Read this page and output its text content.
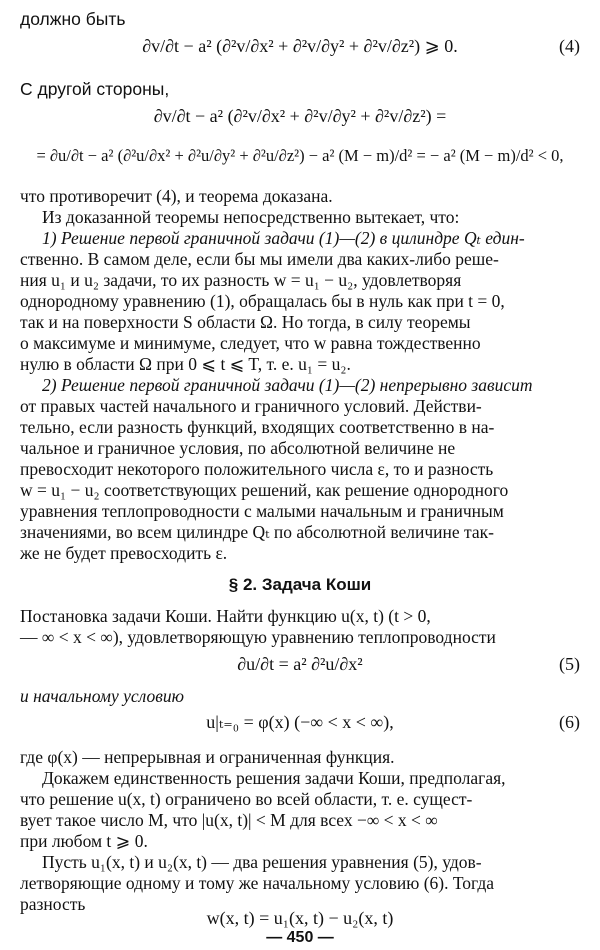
должно быть
∂v/∂t − a² (∂²v/∂x² + ∂²v/∂y² + ∂²v/∂z²) ⩾ 0.	(4)
С другой стороны,
∂v/∂t − a² (∂²v/∂x² + ∂²v/∂y² + ∂²v/∂z²) =
= ∂u/∂t − a² (∂²u/∂x² + ∂²u/∂y² + ∂²u/∂z²) − a² (M − m)/d² = − a² (M − m)/d² < 0,
что противоречит (4), и теорема доказана.
Из доказанной теоремы непосредственно вытекает, что:
1) Решение первой граничной задачи (1)—(2) в цилиндре Qₜ един-
ственно. В самом деле, если бы мы имели два каких-либо реше-
ния u₁ и u₂ задачи, то их разность w = u₁ − u₂, удовлетворяя
однородному уравнению (1), обращалась бы в нуль как при t = 0,
так и на поверхности S области Ω. Но тогда, в силу теоремы
о максимуме и минимуме, следует, что w равна тождественно
нулю в области Ω при 0 ⩽ t ⩽ T, т. е. u₁ = u₂.
2) Решение первой граничной задачи (1)—(2) непрерывно зависит
от правых частей начального и граничного условий. Действи-
тельно, если разность функций, входящих соответственно в на-
чальное и граничное условия, по абсолютной величине не
превосходит некоторого положительного числа ε, то и разность
w = u₁ − u₂ соответствующих решений, как решение однородного
уравнения теплопроводности с малыми начальным и граничным
значениями, во всем цилиндре Qₜ по абсолютной величине так-
же не будет превосходить ε.
§ 2. Задача Коши
Постановка задачи Коши. Найти функцию u(x, t) (t > 0,
— ∞ < x < ∞), удовлетворяющую уравнению теплопроводности
∂u/∂t = a² ∂²u/∂x²	(5)
и начальному условию
u|ₜ₌₀ = φ(x) (−∞ < x < ∞),	(6)
где φ(x) — непрерывная и ограниченная функция.
Докажем единственность решения задачи Коши, предполагая,
что решение u(x, t) ограничено во всей области, т. е. сущест-
вует такое число M, что |u(x, t)| < M для всех −∞ < x < ∞
при любом t ⩾ 0.
Пусть u₁(x, t) и u₂(x, t) — два решения уравнения (5), удов-
летворяющие одному и тому же начальному условию (6). Тогда
разность
w(x, t) = u₁(x, t) − u₂(x, t)
— 450 —
